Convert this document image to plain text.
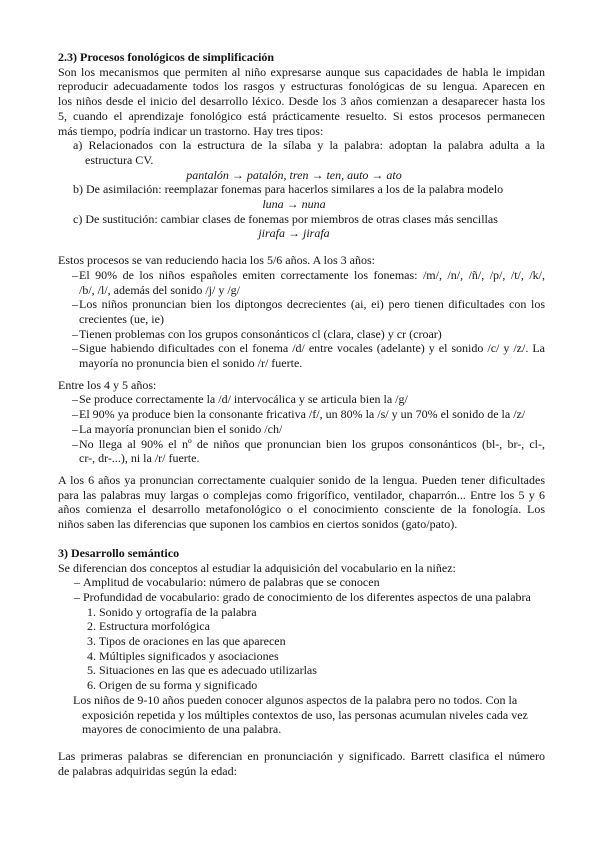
2.3) Procesos fonológicos de simplificación
Son los mecanismos que permiten al niño expresarse aunque sus capacidades de habla le impidan
reproducir adecuadamente todos los rasgos y estructuras fonológicas de su lengua. Aparecen en
los niños desde el inicio del desarrollo léxico. Desde los 3 años comienzan a desaparecer hasta los
5, cuando el aprendizaje fonológico está prácticamente resuelto. Si estos procesos permanecen
más tiempo, podría indicar un trastorno. Hay tres tipos:
a) Relacionados con la estructura de la sílaba y la palabra: adoptan la palabra adulta a la
estructura CV.
pantalón → patalón, tren → ten, auto → ato
b) De asimilación: reemplazar fonemas para hacerlos similares a los de la palabra modelo
luna → nuna
c) De sustitución: cambiar clases de fonemas por miembros de otras clases más sencillas
jirafa → jirafa
Estos procesos se van reduciendo hacia los 5/6 años. A los 3 años:
– El 90% de los niños españoles emiten correctamente los fonemas: /m/, /n/, /ñ/, /p/, /t/, /k/,
/b/, /l/, además del sonido /j/ y /g/
– Los niños pronuncian bien los diptongos decrecientes (ai, ei) pero tienen dificultades con los
crecientes (ue, ie)
– Tienen problemas con los grupos consonánticos cl (clara, clase) y cr (croar)
– Sigue habiendo dificultades con el fonema /d/ entre vocales (adelante) y el sonido /c/ y /z/. La
mayoría no pronuncia bien el sonido /r/ fuerte.
Entre los 4 y 5 años:
– Se produce correctamente la /d/ intervocálica y se articula bien la /g/
– El 90% ya produce bien la consonante fricativa /f/, un 80% la /s/ y un 70% el sonido de la /z/
– La mayoría pronuncian bien el sonido /ch/
– No llega al 90% el nº de niños que pronuncian bien los grupos consonánticos (bl-, br-, cl-,
cr-, dr-...), ni la /r/ fuerte.
A los 6 años ya pronuncian correctamente cualquier sonido de la lengua. Pueden tener dificultades
para las palabras muy largas o complejas como frigorífico, ventilador, chaparrón... Entre los 5 y 6
años comienza el desarrollo metafonológico o el conocimiento consciente de la fonología. Los
niños saben las diferencias que suponen los cambios en ciertos sonidos (gato/pato).
3) Desarrollo semántico
Se diferencian dos conceptos al estudiar la adquisición del vocabulario en la niñez:
– Amplitud de vocabulario: número de palabras que se conocen
– Profundidad de vocabulario: grado de conocimiento de los diferentes aspectos de una palabra
1. Sonido y ortografía de la palabra
2. Estructura morfológica
3. Tipos de oraciones en las que aparecen
4. Múltiples significados y asociaciones
5. Situaciones en las que es adecuado utilizarlas
6. Origen de su forma y significado
Los niños de 9-10 años pueden conocer algunos aspectos de la palabra pero no todos. Con la
exposición repetida y los múltiples contextos de uso, las personas acumulan niveles cada vez
mayores de conocimiento de una palabra.
Las primeras palabras se diferencian en pronunciación y significado. Barrett clasifica el número
de palabras adquiridas según la edad:
